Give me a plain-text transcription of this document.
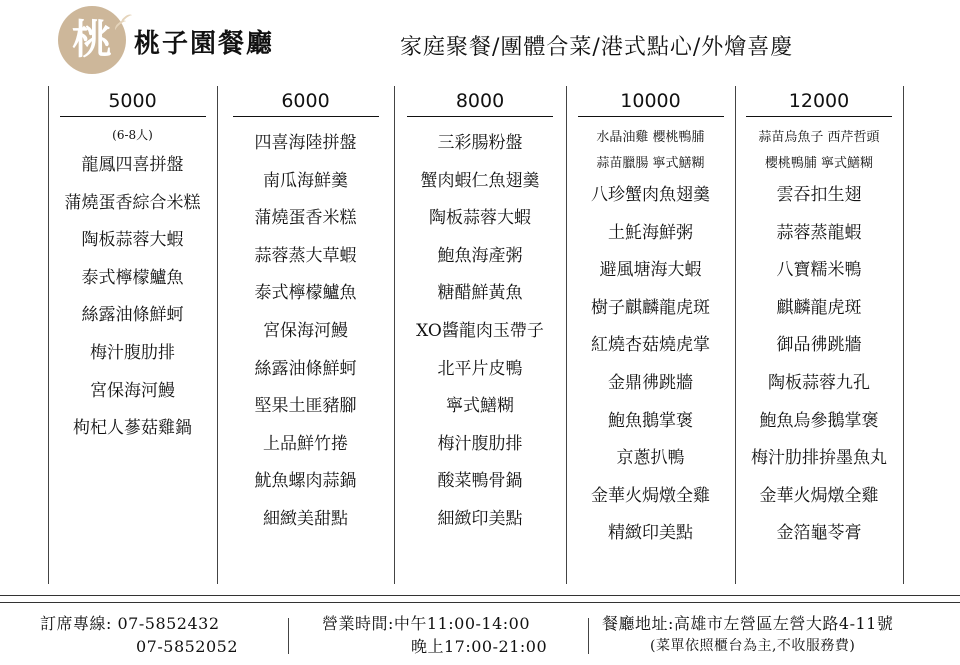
桃 桃子園餐廳	家庭聚餐/團體合菜/港式點心/外燴喜慶
5000
(6-8人)
龍鳳四喜拼盤
蒲燒蛋香綜合米糕
陶板蒜蓉大蝦
泰式檸檬鱸魚
絲露油條鮮蚵
梅汁腹肋排
宮保海河鰻
枸杞人蔘菇雞鍋
6000
四喜海陸拼盤
南瓜海鮮羹
蒲燒蛋香米糕
蒜蓉蒸大草蝦
泰式檸檬鱸魚
宮保海河鰻
絲露油條鮮蚵
堅果土匪豬腳
上品鮮竹捲
魷魚螺肉蒜鍋
細緻美甜點
8000
三彩腸粉盤
蟹肉蝦仁魚翅羹
陶板蒜蓉大蝦
鮑魚海產粥
糖醋鮮黃魚
XO醬龍肉玉帶子
北平片皮鴨
寧式鱔糊
梅汁腹肋排
酸菜鴨骨鍋
細緻印美點
10000
水晶油雞 櫻桃鴨脯
蒜苗臘腸 寧式鱔糊
八珍蟹肉魚翅羹
土魠海鮮粥
避風塘海大蝦
樹子麒麟龍虎斑
紅燒杏菇燒虎掌
金鼎彿跳牆
鮑魚鵝掌褒
京蔥扒鴨
金華火焗燉全雞
精緻印美點
12000
蒜苗烏魚子 西芹哲頭
櫻桃鴨脯 寧式鱔糊
雲吞扣生翅
蒜蓉蒸龍蝦
八寶糯米鴨
麒麟龍虎斑
御品彿跳牆
陶板蒜蓉九孔
鮑魚烏參鵝掌褒
梅汁肋排拚墨魚丸
金華火焗燉全雞
金箔龜苓膏
訂席專線: 07-5852432
07-5852052
營業時間:中午11:00-14:00
晚上17:00-21:00
餐廳地址:高雄市左營區左營大路4-11號
(菜單依照櫃台為主,不收服務費)
